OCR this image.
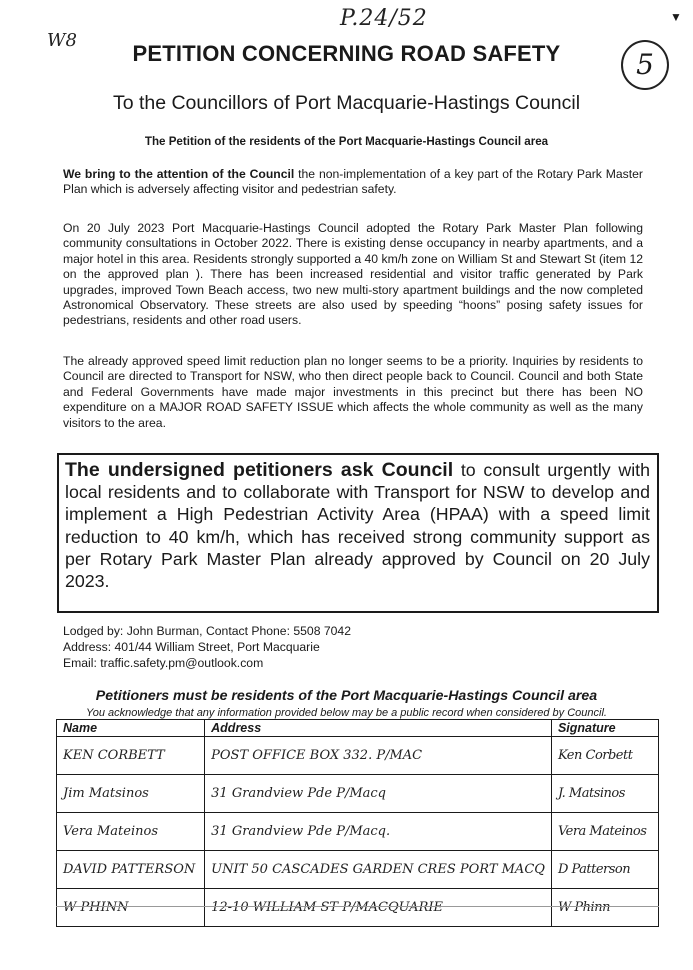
P.24/52
W8
5
▼
PETITION CONCERNING ROAD SAFETY
To the Councillors of Port Macquarie-Hastings Council
The Petition of the residents of the Port Macquarie-Hastings Council area
We bring to the attention of the Council the non-implementation of a key part of the Rotary Park Master Plan which is adversely affecting visitor and pedestrian safety.
On 20 July 2023 Port Macquarie-Hastings Council adopted the Rotary Park Master Plan following community consultations in October 2022. There is existing dense occupancy in nearby apartments, and a major hotel in this area. Residents strongly supported a 40 km/h zone on William St and Stewart St (item 12 on the approved plan ). There has been increased residential and visitor traffic generated by Park upgrades, improved Town Beach access, two new multi-story apartment buildings and the now completed Astronomical Observatory. These streets are also used by speeding “hoons” posing safety issues for pedestrians, residents and other road users.
The already approved speed limit reduction plan no longer seems to be a priority. Inquiries by residents to Council are directed to Transport for NSW, who then direct people back to Council. Council and both State and Federal Governments have made major investments in this precinct but there has been NO expenditure on a MAJOR ROAD SAFETY ISSUE which affects the whole community as well as the many visitors to the area.
The undersigned petitioners ask Council to consult urgently with local residents and to collaborate with Transport for NSW to develop and implement a High Pedestrian Activity Area (HPAA) with a speed limit reduction to 40 km/h, which has received strong community support as per Rotary Park Master Plan already approved by Council on 20 July 2023.
Lodged by: John Burman, Contact Phone: 5508 7042
Address: 401/44 William Street, Port Macquarie
Email: traffic.safety.pm@outlook.com
Petitioners must be residents of the Port Macquarie-Hastings Council area
You acknowledge that any information provided below may be a public record when considered by Council.
Name	Address	Signature
KEN CORBETT	POST OFFICE BOX 332. P/MAC	Ken Corbett
Jim Matsinos	31 Grandview Pde P/Macq	J. Matsinos
Vera Mateinos	31 Grandview Pde P/Macq.	Vera Mateinos
DAVID PATTERSON	UNIT 50 CASCADES GARDEN CRES PORT MACQ	D Patterson
W PHINN	12-10 WILLIAM ST P/MACQUARIE	W Phinn
